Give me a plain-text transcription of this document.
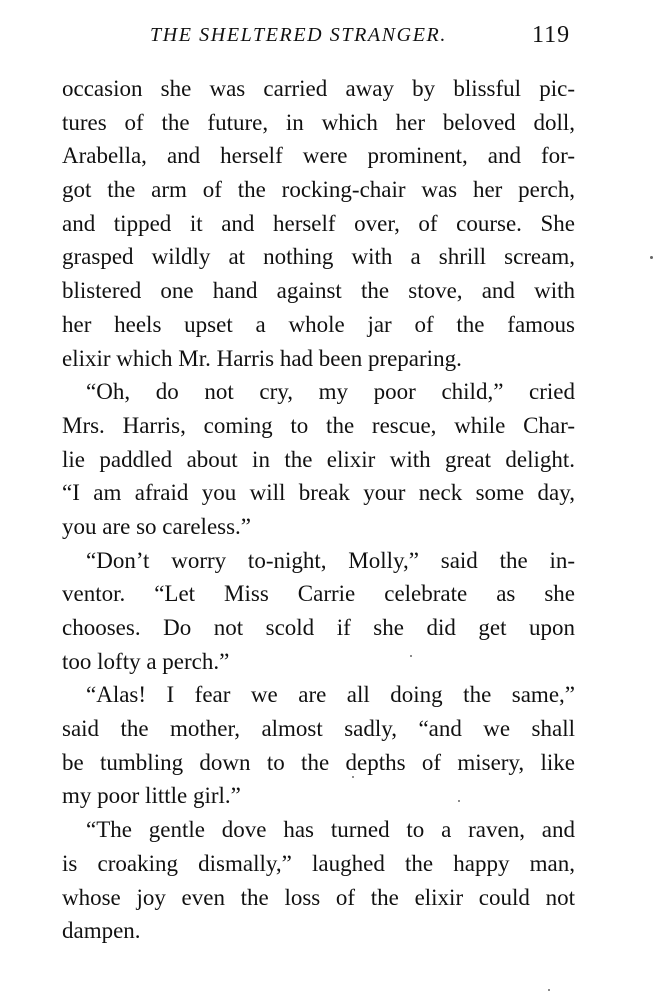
THE SHELTERED STRANGER.	119
occasion she was carried away by blissful pic-
tures of the future, in which her beloved doll,
Arabella, and herself were prominent, and for-
got the arm of the rocking-chair was her perch,
and tipped it and herself over, of course. She
grasped wildly at nothing with a shrill scream,
blistered one hand against the stove, and with
her heels upset a whole jar of the famous
elixir which Mr. Harris had been preparing.
“Oh, do not cry, my poor child,” cried
Mrs. Harris, coming to the rescue, while Char-
lie paddled about in the elixir with great delight.
“I am afraid you will break your neck some day,
you are so careless.”
“Don’t worry to-night, Molly,” said the in-
ventor. “Let Miss Carrie celebrate as she
chooses. Do not scold if she did get upon
too lofty a perch.”
“Alas! I fear we are all doing the same,”
said the mother, almost sadly, “and we shall
be tumbling down to the depths of misery, like
my poor little girl.”
“The gentle dove has turned to a raven, and
is croaking dismally,” laughed the happy man,
whose joy even the loss of the elixir could not
dampen.
